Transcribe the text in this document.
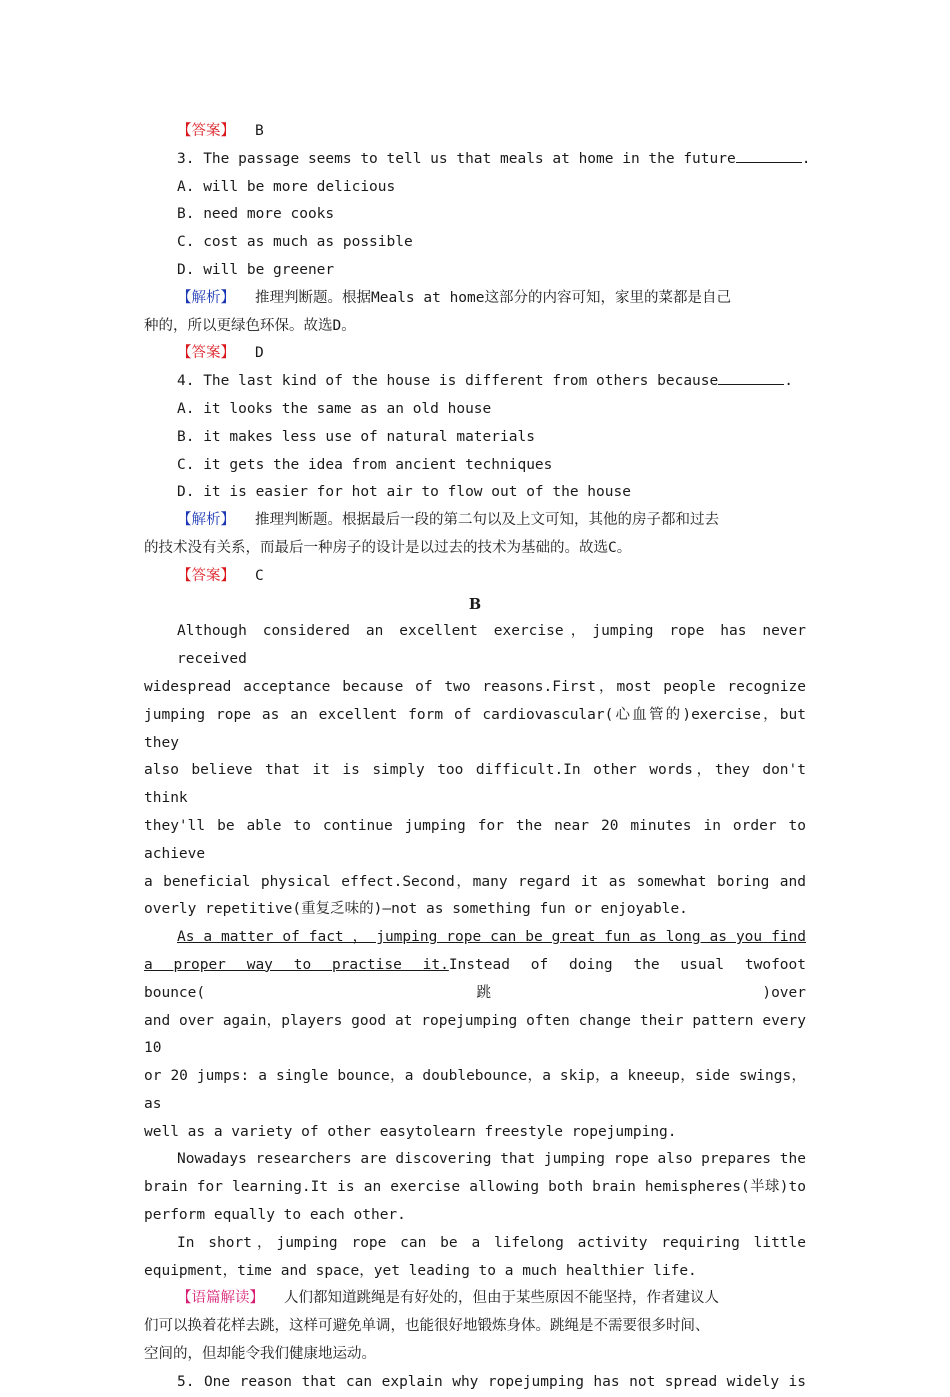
【答案】 B
3. The passage seems to tell us that meals at home in the future	.
A. will be more delicious
B. need more cooks
C. cost as much as possible
D. will be greener
【解析】 推理判断题。根据Meals at home这部分的内容可知，家里的菜都是自己
种的，所以更绿色环保。故选D。
【答案】 D
4. The last kind of the house is different from others because	.
A. it looks the same as an old house
B. it makes less use of natural materials
C. it gets the idea from ancient techniques
D. it is easier for hot air to flow out of the house
【解析】 推理判断题。根据最后一段的第二句以及上文可知，其他的房子都和过去
的技术没有关系，而最后一种房子的设计是以过去的技术为基础的。故选C。
【答案】 C
B
Although considered an excellent exercise，jumping rope has never received
widespread acceptance because of two reasons.First，most people recognize
jumping rope as an excellent form of cardiovascular(心血管的)exercise，but they
also believe that it is simply too difficult.In other words，they don't think
they'll be able to continue jumping for the near 20 minutes in order to achieve
a beneficial physical effect.Second，many regard it as somewhat boring and
overly repetitive(重复乏味的)—not as something fun or enjoyable.
As a matter of fact ， jumping rope can be great fun as long as you find
a proper way to practise it.Instead of doing the usual twofoot bounce(跳)over
and over again，players good at ropejumping often change their pattern every 10
or 20 jumps: a single bounce，a doublebounce，a skip，a kneeup，side swings，as
well as a variety of other easytolearn freestyle ropejumping.
Nowadays researchers are discovering that jumping rope also prepares the
brain for learning.It is an exercise allowing both brain hemispheres(半球)to
perform equally to each other.
In short，jumping rope can be a lifelong activity requiring little
equipment，time and space，yet leading to a much healthier life.
【语篇解读】 人们都知道跳绳是有好处的，但由于某些原因不能坚持，作者建议人
们可以换着花样去跳，这样可避免单调，也能很好地锻炼身体。跳绳是不需要很多时间、
空间的，但却能令我们健康地运动。
5. One reason that can explain why ropejumping has not spread widely is
